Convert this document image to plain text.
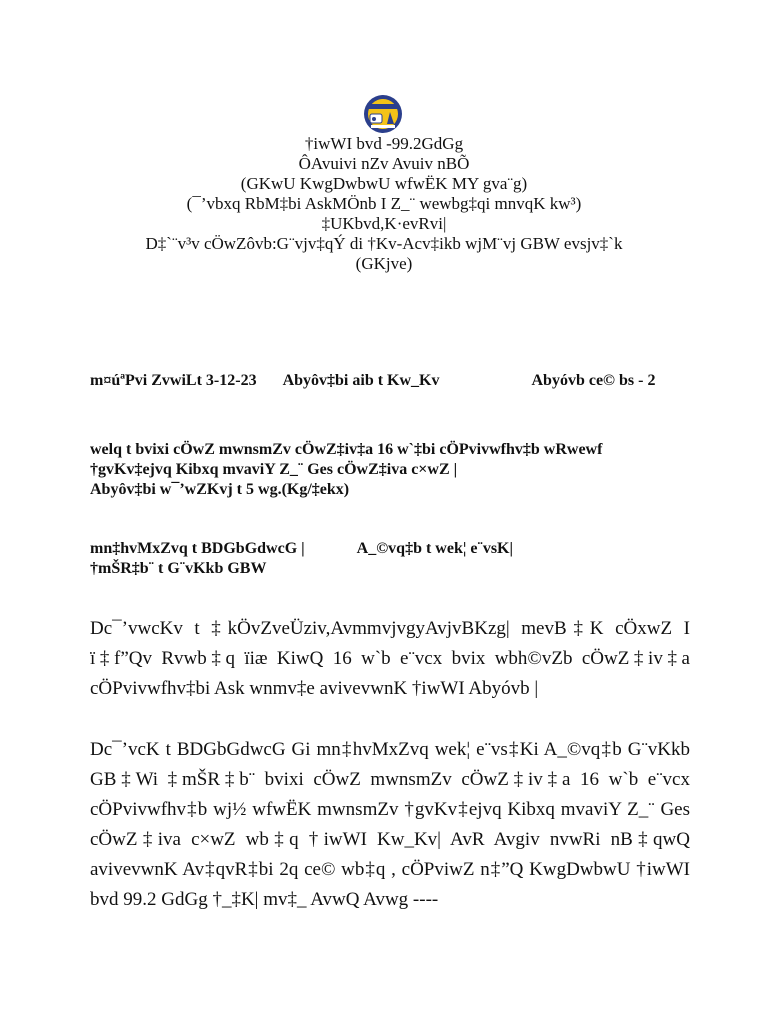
†iwWI bvd -99.2GdGg
ÔAvuivi nZv Avuiv nBÕ
(GKwU KwgDwbwU wfwËK MY gva¨g)
(¯’vbxq RbM‡bi AskMÖnb I Z_¨ wewbg‡qi mnvqK kw³)
‡UKbvd,K·evRvi|
D‡`¨v³v cÖwZôvb:G¨vjv‡qÝ di †Kv-Acv‡ikb wjM¨vj GBW evsjv‡`k
(GKjve)
m¤úªPvi ZvwiLt 3-12-23 Abyôv‡bi aib t Kw_Kv	Abyóvb ce© bs - 2
welq t bvixi cÖwZ mwnsmZv cÖwZ‡iv‡a 16 w`‡bi cÖPvivwfhv‡b wRwewf †gvKv‡ejvq Kibxq mvaviY Z_¨ Ges cÖwZ‡iva c×wZ |
Abyôv‡bi w¯’wZKvj t 5 wg.(Kg/‡ekx)
mn‡hvMxZvq t BDGbGdwcG |	A_©vq‡b t wek¦ e¨vsK|
†mŠR‡b¨ t G¨vKkb GBW
Dc¯’vwcKv t ‡kÖvZveÜziv,AvmmvjvgyAvjvBKzg| mevB‡K cÖxwZ I ï‡f”Qv Rvwb‡q ïiæ KiwQ 16 w`b e¨vcx bvix wbh©vZb cÖwZ‡iv‡a cÖPvivwfhv‡bi Ask wnmv‡e avivevwnK †iwWI Abyóvb |
Dc¯’vcK t BDGbGdwcG Gi mn‡hvMxZvq wek¦ e¨vs‡Ki A_©vq‡b G¨vKkb GB‡Wi ‡mŠR‡b¨ bvixi cÖwZ mwnsmZv cÖwZ‡iv‡a 16 w`b e¨vcx cÖPvivwfhv‡b wj½ wfwËK mwnsmZv †gvKv‡ejvq Kibxq mvaviY Z_¨ Ges cÖwZ‡iva c×wZ wb‡q †iwWI Kw_Kv| AvR Avgiv nvwRi nB‡qwQ avivevwnK Av‡qvR‡bi 2q ce© wb‡q , cÖPviwZ n‡”Q KwgDwbwU †iwWI bvd 99.2 GdGg †_‡K| mv‡_ AvwQ Avwg ----
